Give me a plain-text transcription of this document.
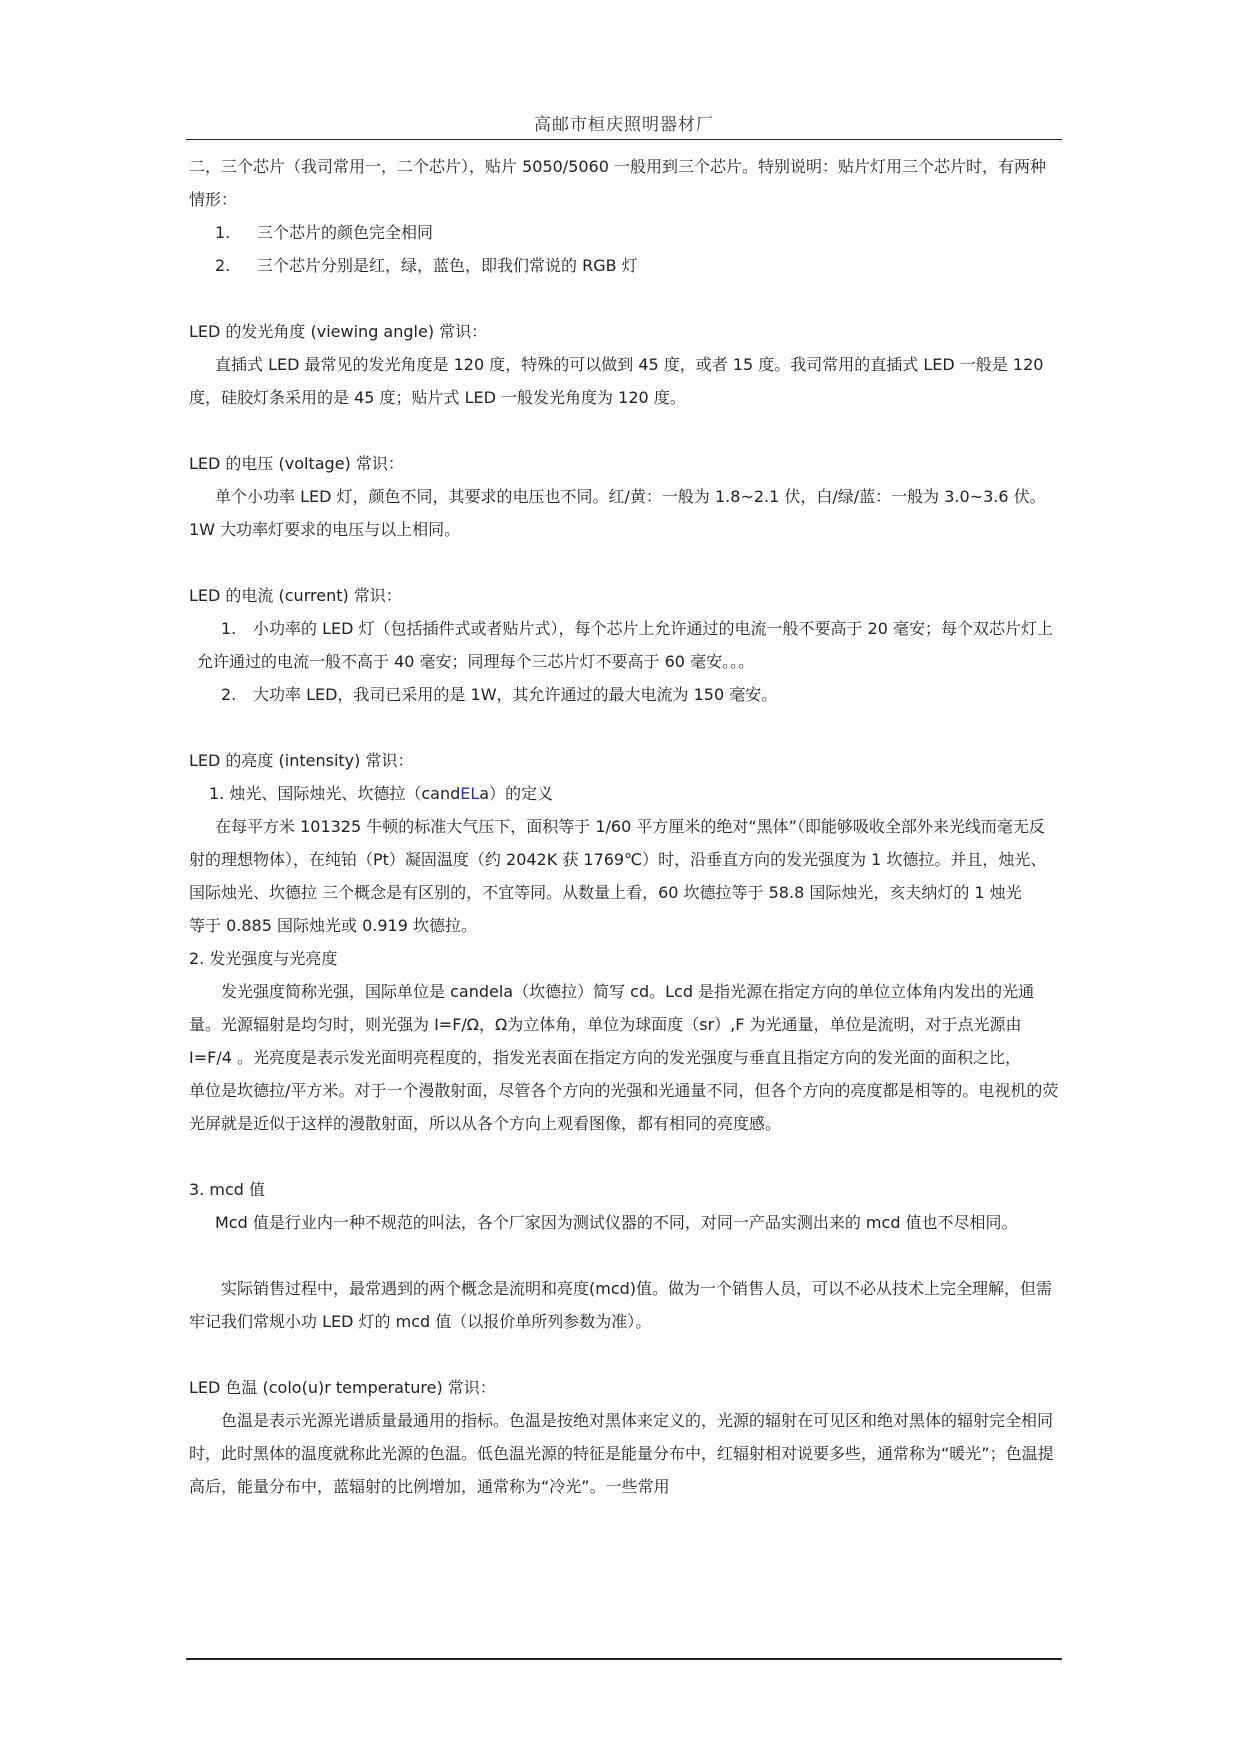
高邮市桓庆照明器材厂

二，三个芯片（我司常用一，二个芯片），贴片 5050/5060 一般用到三个芯片。特别说明：贴片灯用三个芯片时，有两种情形：

1. 三个芯片的颜色完全相同

2. 三个芯片分别是红，绿，蓝色，即我们常说的 RGB 灯

LED 的发光角度 (viewing angle) 常识：

直插式 LED 最常见的发光角度是 120 度，特殊的可以做到 45 度，或者 15 度。我司常用的直插式 LED 一般是 120 度，硅胶灯条采用的是 45 度；贴片式 LED 一般发光角度为 120 度。

LED 的电压 (voltage) 常识：

单个小功率 LED 灯，颜色不同，其要求的电压也不同。红/黄：一般为 1.8~2.1 伏，白/绿/蓝：一般为 3.0~3.6 伏。1W 大功率灯要求的电压与以上相同。

LED 的电流 (current) 常识：

1. 小功率的 LED 灯（包括插件式或者贴片式），每个芯片上允许通过的电流一般不要高于 20 毫安；每个双芯片灯上允许通过的电流一般不高于 40 毫安；同理每个三芯片灯不要高于 60 毫安。。。

2. 大功率 LED，我司已采用的是 1W，其允许通过的最大电流为 150 毫安。

LED 的亮度 (intensity) 常识：

1. 烛光、国际烛光、坎德拉（candELa）的定义

在每平方米 101325 牛顿的标准大气压下，面积等于 1/60 平方厘米的绝对“黑体”（即能够吸收全部外来光线而毫无反射的理想物体），在纯铂（Pt）凝固温度（约 2042K 获 1769℃）时，沿垂直方向的发光强度为 1 坎德拉。并且，烛光、国际烛光、坎德拉 三个概念是有区别的，不宜等同。从数量上看，60 坎德拉等于 58.8 国际烛光，亥夫纳灯的 1 烛光

等于 0.885 国际烛光或 0.919 坎德拉。

2. 发光强度与光亮度

发光强度简称光强，国际单位是 candela（坎德拉）简写 cd。Lcd 是指光源在指定方向的单位立体角内发出的光通量。光源辐射是均匀时，则光强为 I=F/Ω，Ω为立体角，单位为球面度（sr）,F 为光通量，单位是流明，对于点光源由 I=F/4 。光亮度是表示发光面明亮程度的，指发光表面在指定方向的发光强度与垂直且指定方向的发光面的面积之比，

单位是坎德拉/平方米。对于一个漫散射面，尽管各个方向的光强和光通量不同，但各个方向的亮度都是相等的。电视机的荧光屏就是近似于这样的漫散射面，所以从各个方向上观看图像，都有相同的亮度感。

3. mcd 值

Mcd 值是行业内一种不规范的叫法，各个厂家因为测试仪器的不同，对同一产品实测出来的 mcd 值也不尽相同。

实际销售过程中，最常遇到的两个概念是流明和亮度(mcd)值。做为一个销售人员，可以不必从技术上完全理解，但需牢记我们常规小功 LED 灯的 mcd 值（以报价单所列参数为准）。

LED 色温 (colo(u)r temperature) 常识：

色温是表示光源光谱质量最通用的指标。色温是按绝对黑体来定义的，光源的辐射在可见区和绝对黑体的辐射完全相同时，此时黑体的温度就称此光源的色温。低色温光源的特征是能量分布中，红辐射相对说要多些，通常称为“暖光”；色温提高后，能量分布中，蓝辐射的比例增加，通常称为“冷光”。一些常用
